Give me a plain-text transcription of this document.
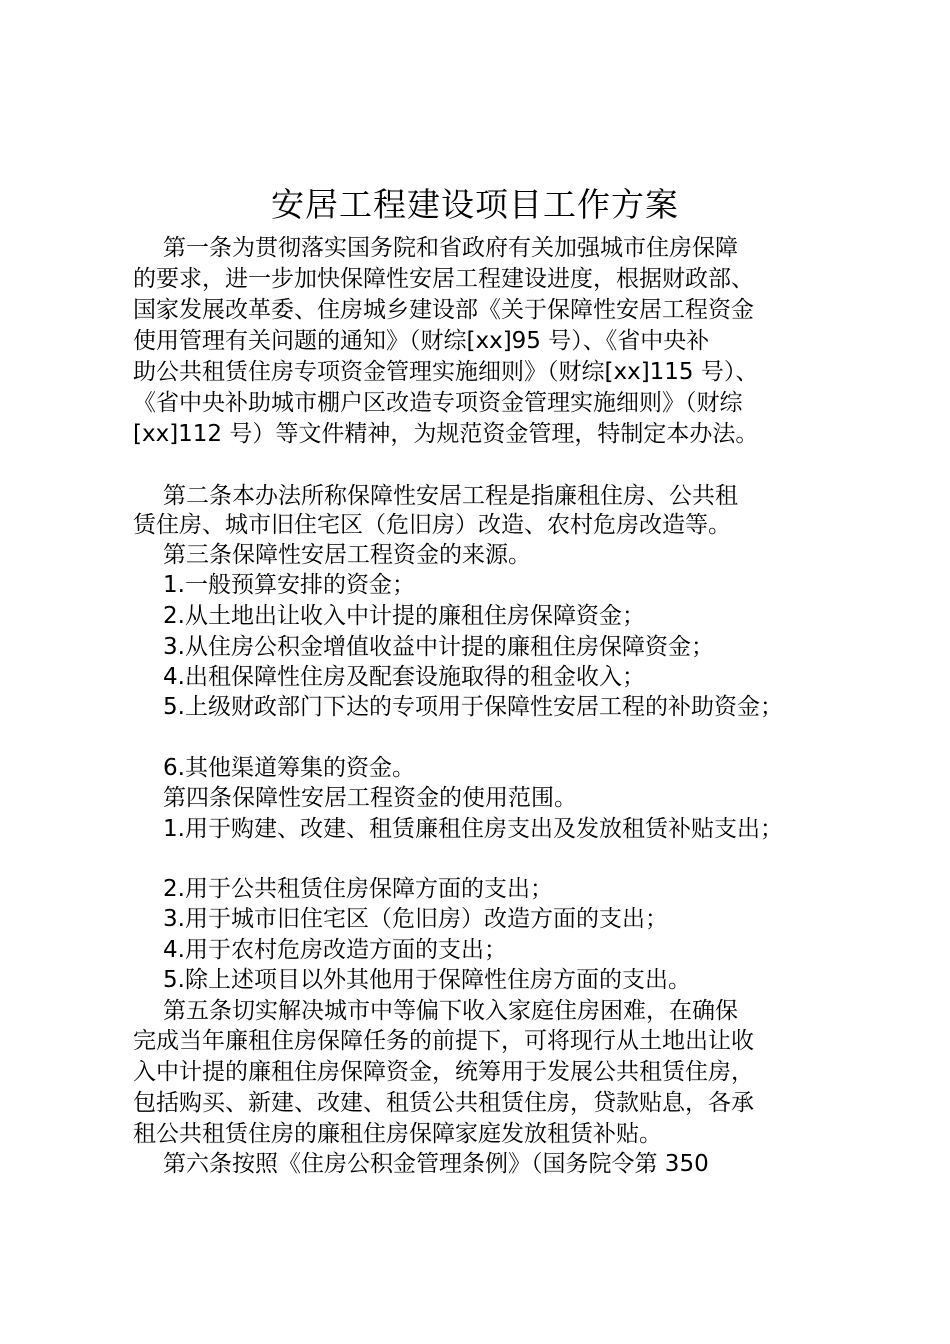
安居工程建设项目工作方案
第一条为贯彻落实国务院和省政府有关加强城市住房保障
的要求，进一步加快保障性安居工程建设进度，根据财政部、
国家发展改革委、住房城乡建设部《关于保障性安居工程资金
使用管理有关问题的通知》（财综[xx]95 号）、《省中央补
助公共租赁住房专项资金管理实施细则》（财综[xx]115 号）、
《省中央补助城市棚户区改造专项资金管理实施细则》（财综
[xx]112 号）等文件精神，为规范资金管理，特制定本办法。
第二条本办法所称保障性安居工程是指廉租住房、公共租
赁住房、城市旧住宅区（危旧房）改造、农村危房改造等。
第三条保障性安居工程资金的来源。
1.一般预算安排的资金；
2.从土地出让收入中计提的廉租住房保障资金；
3.从住房公积金增值收益中计提的廉租住房保障资金；
4.出租保障性住房及配套设施取得的租金收入；
5.上级财政部门下达的专项用于保障性安居工程的补助资金；
6.其他渠道筹集的资金。
第四条保障性安居工程资金的使用范围。
1.用于购建、改建、租赁廉租住房支出及发放租赁补贴支出；
2.用于公共租赁住房保障方面的支出；
3.用于城市旧住宅区（危旧房）改造方面的支出；
4.用于农村危房改造方面的支出；
5.除上述项目以外其他用于保障性住房方面的支出。
第五条切实解决城市中等偏下收入家庭住房困难，在确保
完成当年廉租住房保障任务的前提下，可将现行从土地出让收
入中计提的廉租住房保障资金，统筹用于发展公共租赁住房，
包括购买、新建、改建、租赁公共租赁住房，贷款贴息，各承
租公共租赁住房的廉租住房保障家庭发放租赁补贴。
第六条按照《住房公积金管理条例》（国务院令第 350
